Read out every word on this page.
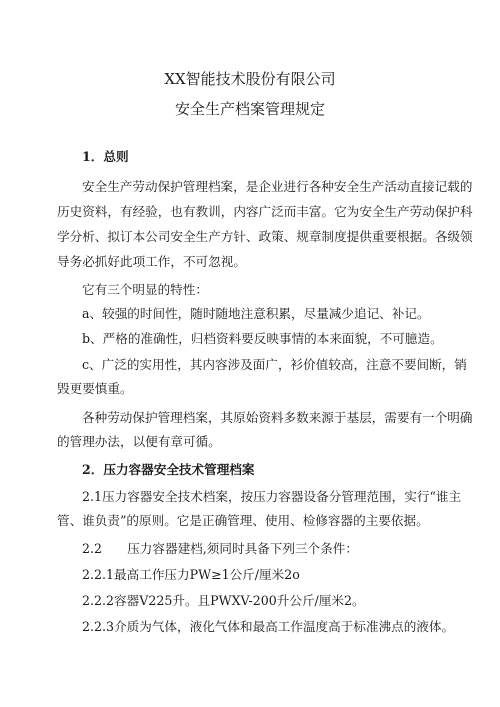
XX智能技术股份有限公司
安全生产档案管理规定
1．总则
安全生产劳动保护管理档案，是企业进行各种安全生产活动直接记载的
历史资料，有经验，也有教训，内容广泛而丰富。它为安全生产劳动保护科
学分析、拟订本公司安全生产方针、政策、规章制度提供重要根据。各级领
导务必抓好此项工作，不可忽视。
它有三个明显的特性：
a、较强的时间性，随时随地注意积累，尽量减少追记、补记。
b、严格的准确性，归档资料要反映事情的本来面貌，不可臆造。
c、广泛的实用性，其内容涉及面广，衫价值较高，注意不要间断，销
毁更要慎重。
各种劳动保护管理档案，其原始资料多数来源于基层，需要有一个明确
的管理办法，以便有章可循。
2．压力容器安全技术管理档案
2.1压力容器安全技术档案，按压力容器设备分管理范围，实行“谁主
管、谁负责”的原则。它是正确管理、使用、检修容器的主要依据。
2.2　　压力容器建档,须同时具备下列三个条件：
2.2.1最高工作压力PW≥1公斤/厘米2o
2.2.2容器V225升。且PWXV-200升公斤/厘米2。
2.2.3介质为气体，液化气体和最高工作温度高于标准沸点的液体。
